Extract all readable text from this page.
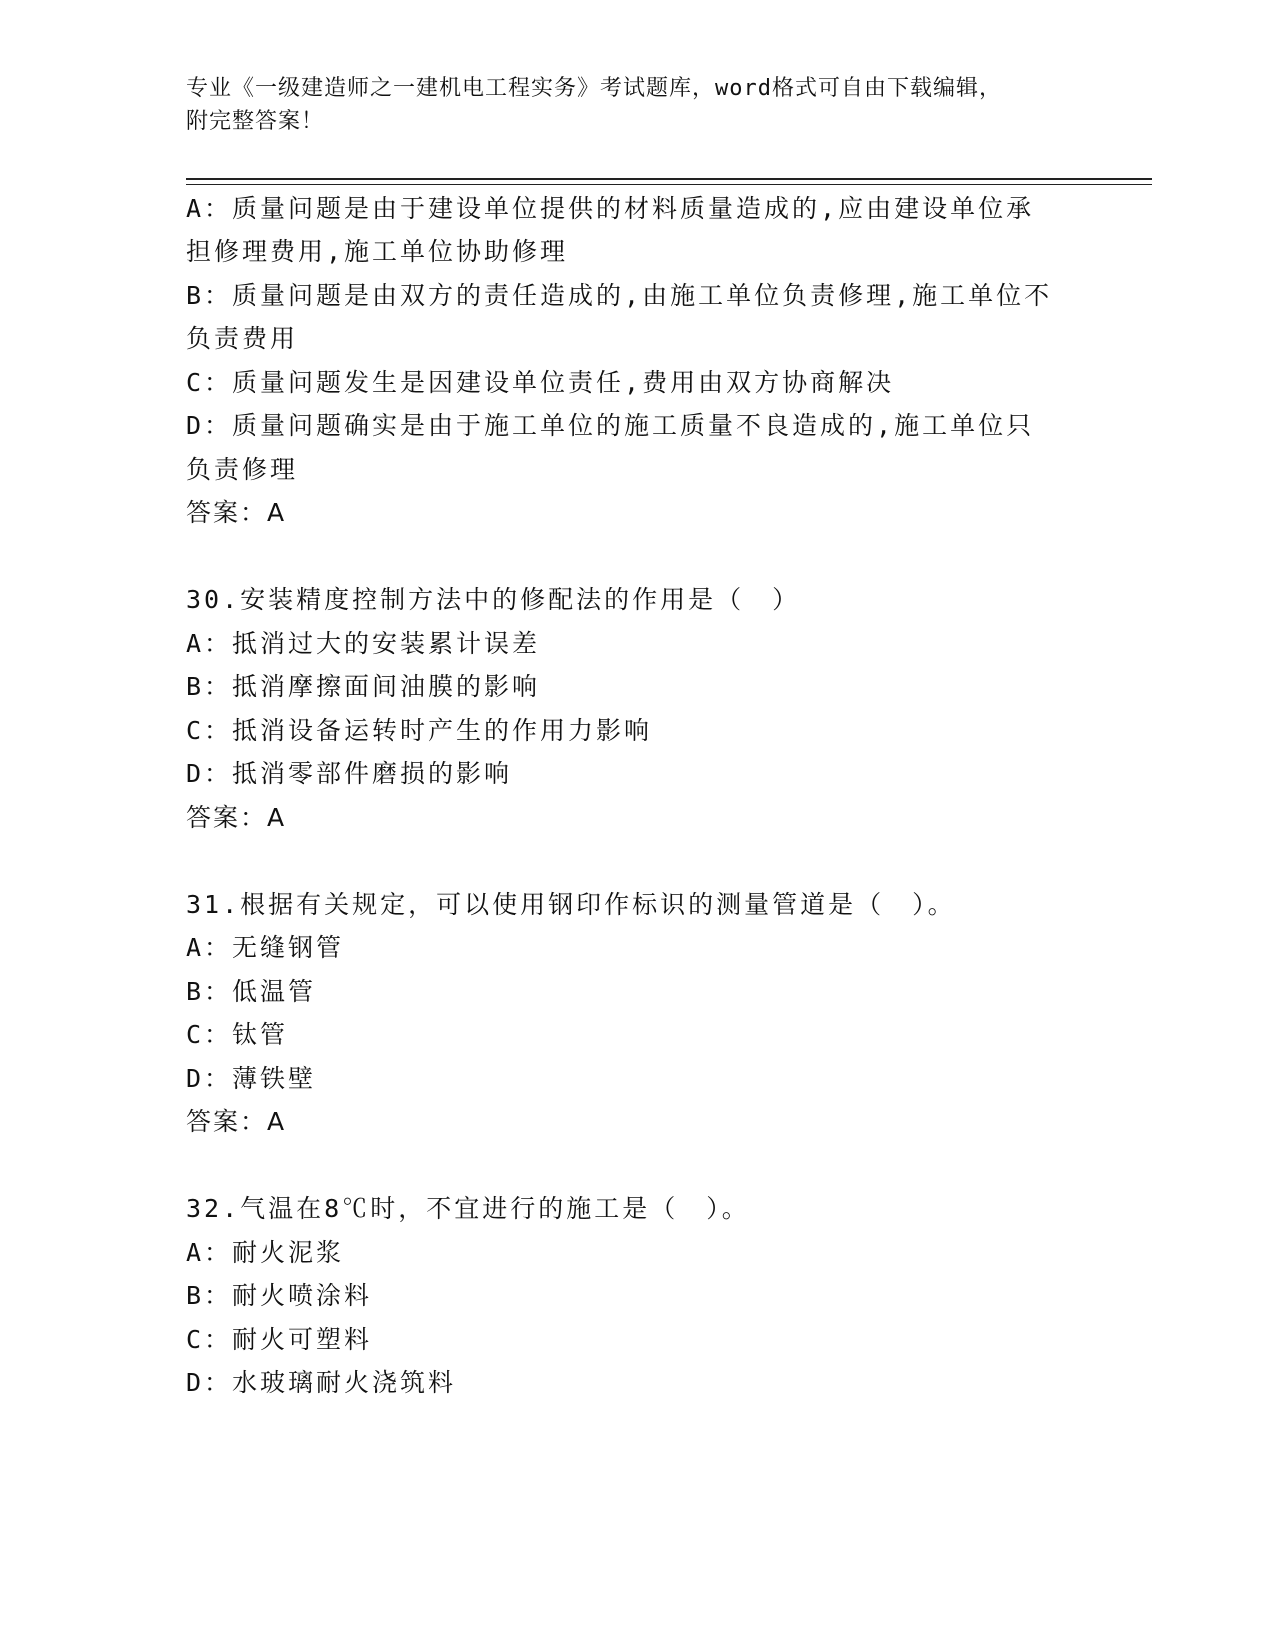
专业《一级建造师之一建机电工程实务》考试题库，word格式可自由下载编辑，
附完整答案！
A：质量问题是由于建设单位提供的材料质量造成的,应由建设单位承
担修理费用,施工单位协助修理
B：质量问题是由双方的责任造成的,由施工单位负责修理,施工单位不
负责费用
C：质量问题发生是因建设单位责任,费用由双方协商解决
D：质量问题确实是由于施工单位的施工质量不良造成的,施工单位只
负责修理
答案：A
30.安装精度控制方法中的修配法的作用是（　）
A：抵消过大的安装累计误差
B：抵消摩擦面间油膜的影响
C：抵消设备运转时产生的作用力影响
D：抵消零部件磨损的影响
答案：A
31.根据有关规定，可以使用钢印作标识的测量管道是（　）。
A：无缝钢管
B：低温管
C：钛管
D：薄铁壁
答案：A
32.气温在8℃时，不宜进行的施工是（　）。
A：耐火泥浆
B：耐火喷涂料
C：耐火可塑料
D：水玻璃耐火浇筑料
